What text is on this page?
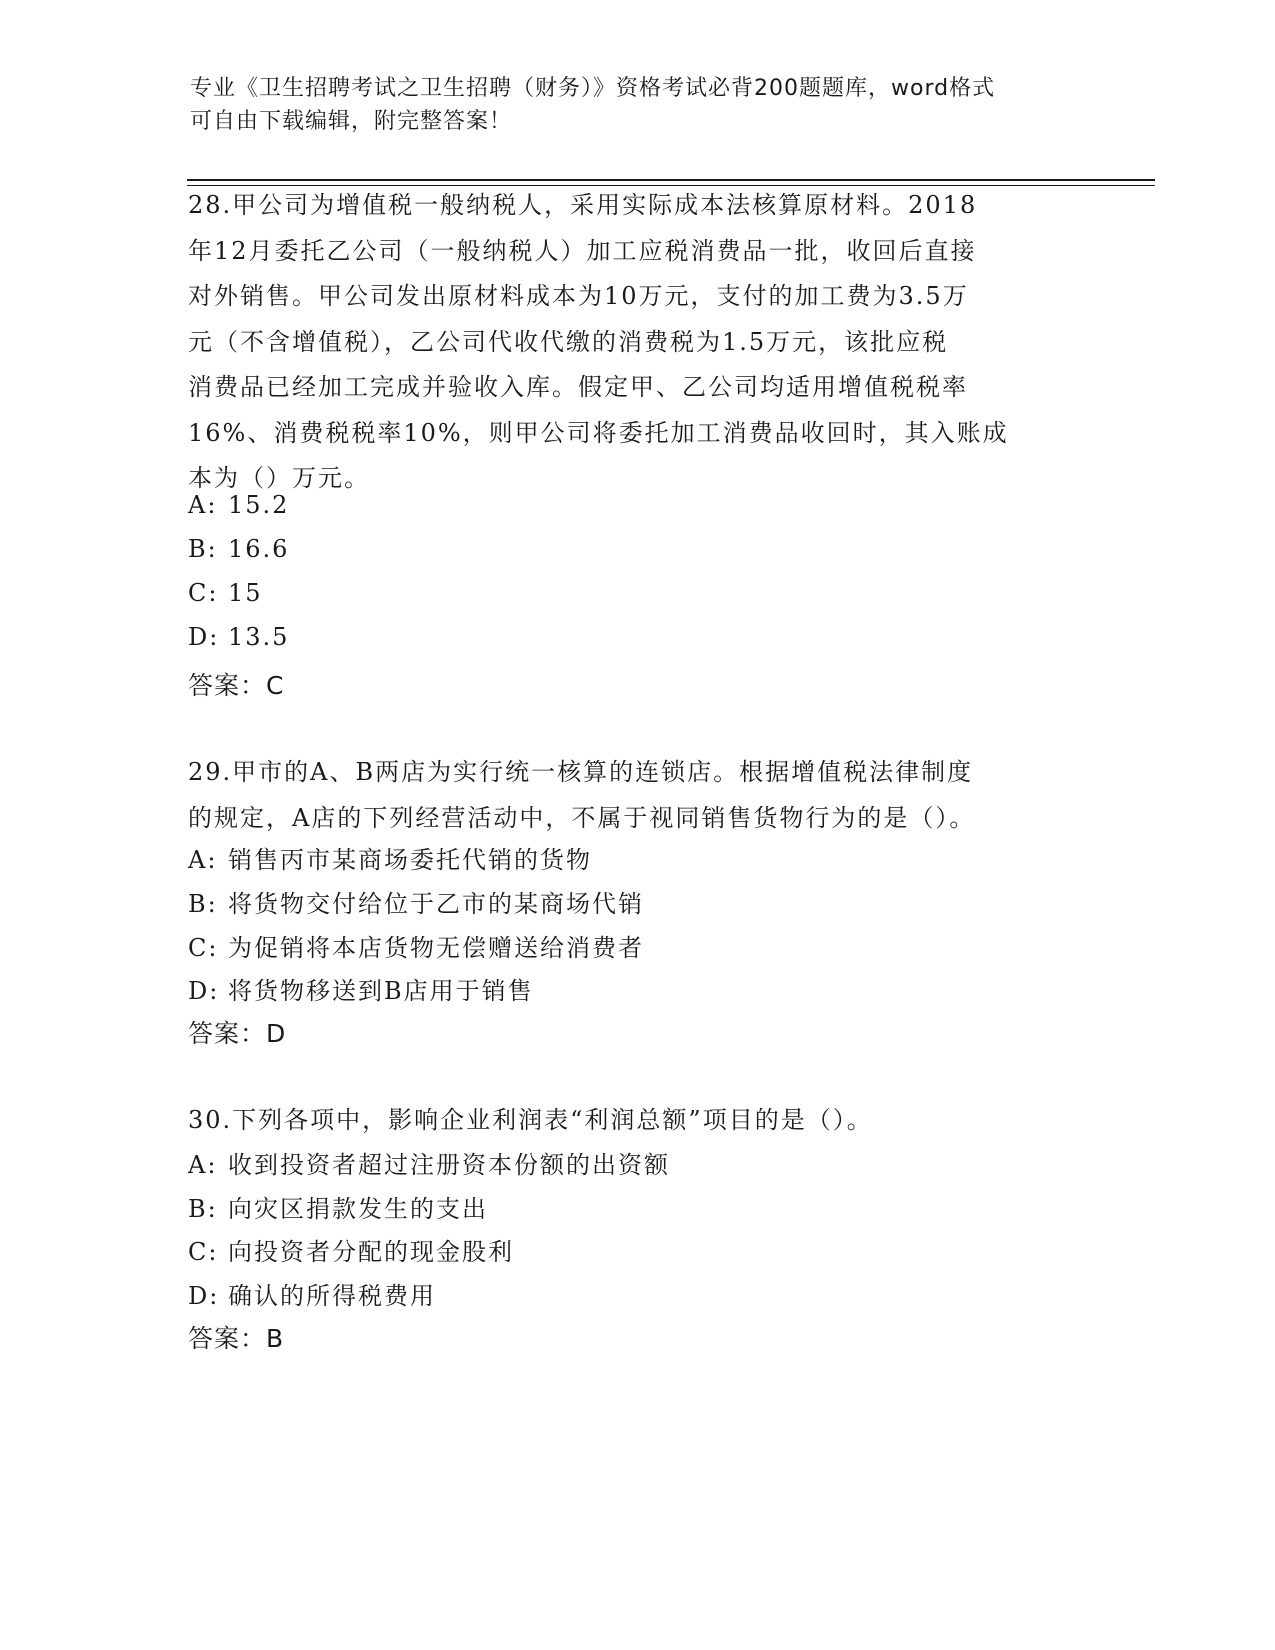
专业《卫生招聘考试之卫生招聘（财务）》资格考试必背200题题库，word格式
可自由下载编辑，附完整答案！
28.甲公司为增值税一般纳税人，采用实际成本法核算原材料。2018
年12月委托乙公司（一般纳税人）加工应税消费品一批，收回后直接
对外销售。甲公司发出原材料成本为10万元，支付的加工费为3.5万
元（不含增值税），乙公司代收代缴的消费税为1.5万元，该批应税
消费品已经加工完成并验收入库。假定甲、乙公司均适用增值税税率
16%、消费税税率10%，则甲公司将委托加工消费品收回时，其入账成
本为（）万元。
A: 15.2
B: 16.6
C: 15
D: 13.5
答案：C
29.甲市的A、B两店为实行统一核算的连锁店。根据增值税法律制度
的规定，A店的下列经营活动中，不属于视同销售货物行为的是（）。
A: 销售丙市某商场委托代销的货物
B: 将货物交付给位于乙市的某商场代销
C: 为促销将本店货物无偿赠送给消费者
D: 将货物移送到B店用于销售
答案：D
30.下列各项中，影响企业利润表“利润总额”项目的是（）。
A: 收到投资者超过注册资本份额的出资额
B: 向灾区捐款发生的支出
C: 向投资者分配的现金股利
D: 确认的所得税费用
答案：B
